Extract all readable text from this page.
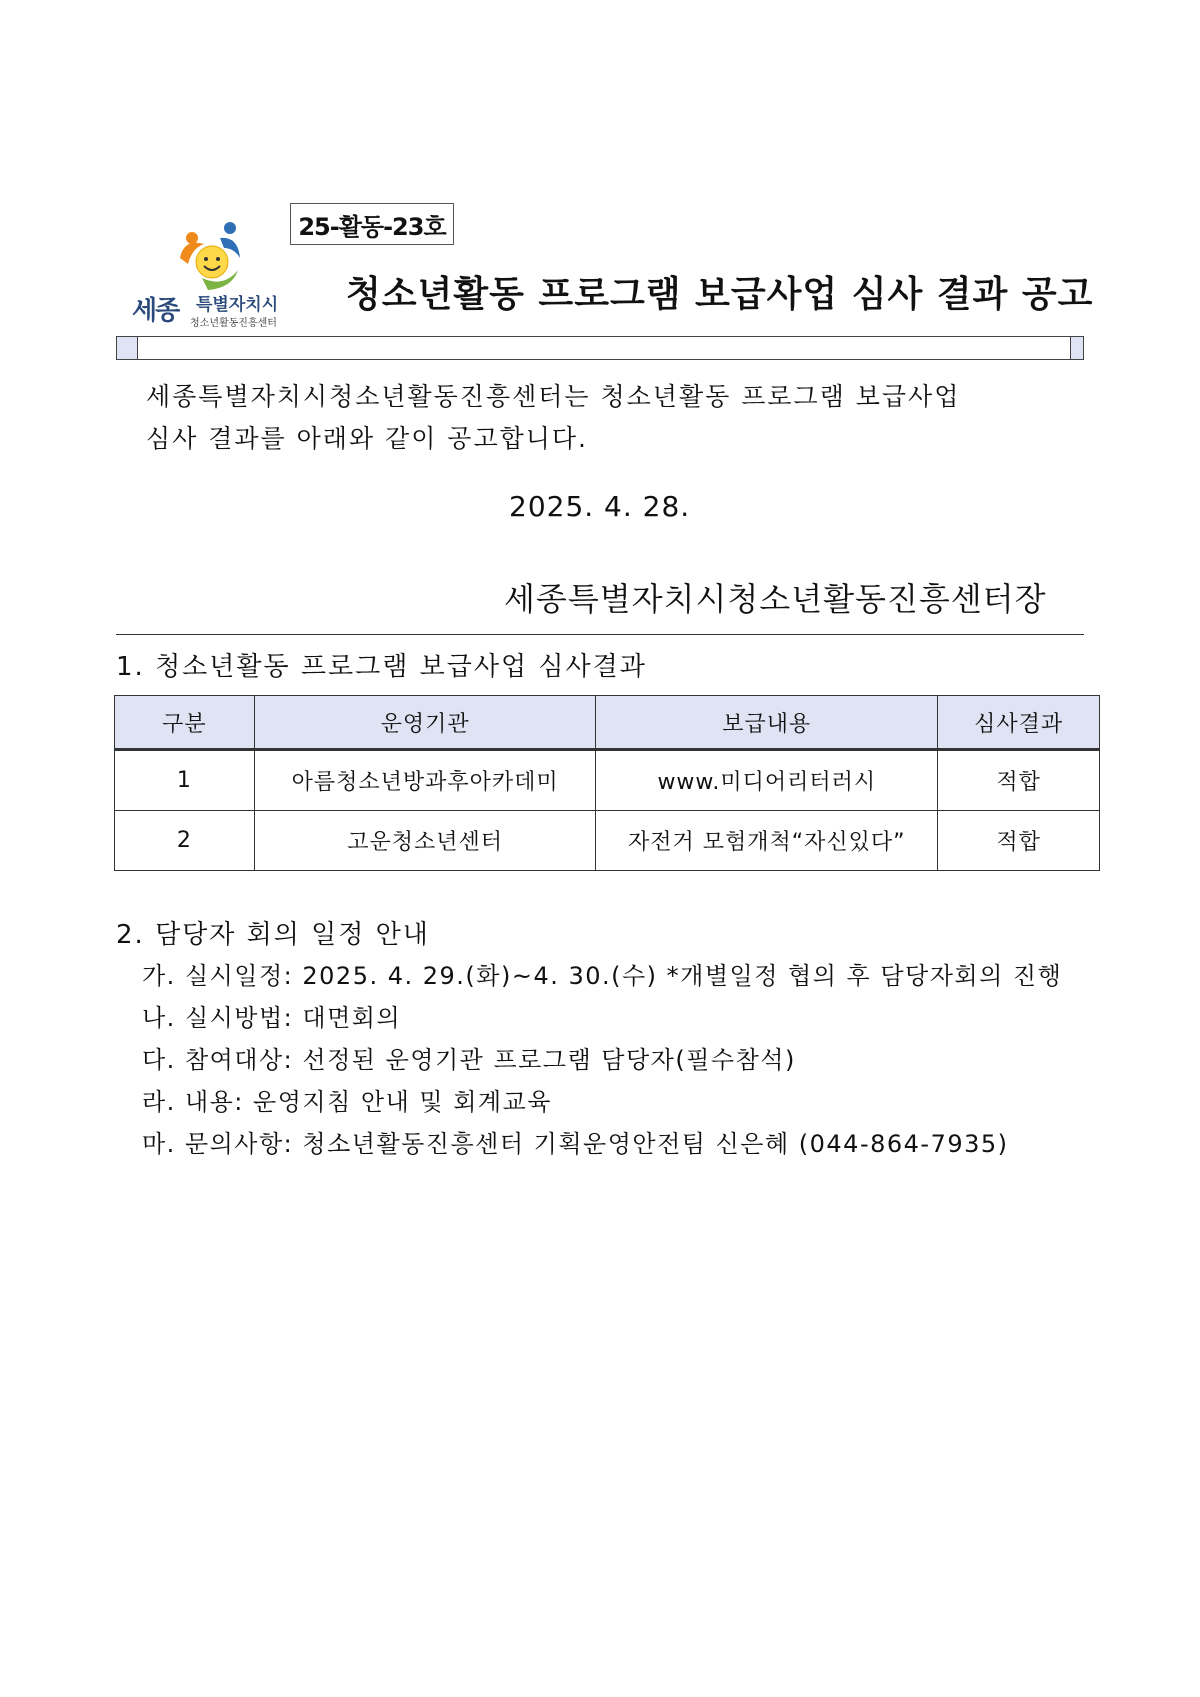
세종 특별자치시
청소년활동진흥센터
25-활동-23호
청소년활동 프로그램 보급사업 심사 결과 공고
세종특별자치시청소년활동진흥센터는 청소년활동 프로그램 보급사업
심사 결과를 아래와 같이 공고합니다.
2025. 4. 28.
세종특별자치시청소년활동진흥센터장
1. 청소년활동 프로그램 보급사업 심사결과
구분	운영기관	보급내용	심사결과
1	아름청소년방과후아카데미	www.미디어리터러시	적합
2	고운청소년센터	자전거 모험개척“자신있다”	적합
2. 담당자 회의 일정 안내
가. 실시일정: 2025. 4. 29.(화)~4. 30.(수) *개별일정 협의 후 담당자회의 진행
나. 실시방법: 대면회의
다. 참여대상: 선정된 운영기관 프로그램 담당자(필수참석)
라. 내용: 운영지침 안내 및 회계교육
마. 문의사항: 청소년활동진흥센터 기획운영안전팀 신은혜 (044-864-7935)
